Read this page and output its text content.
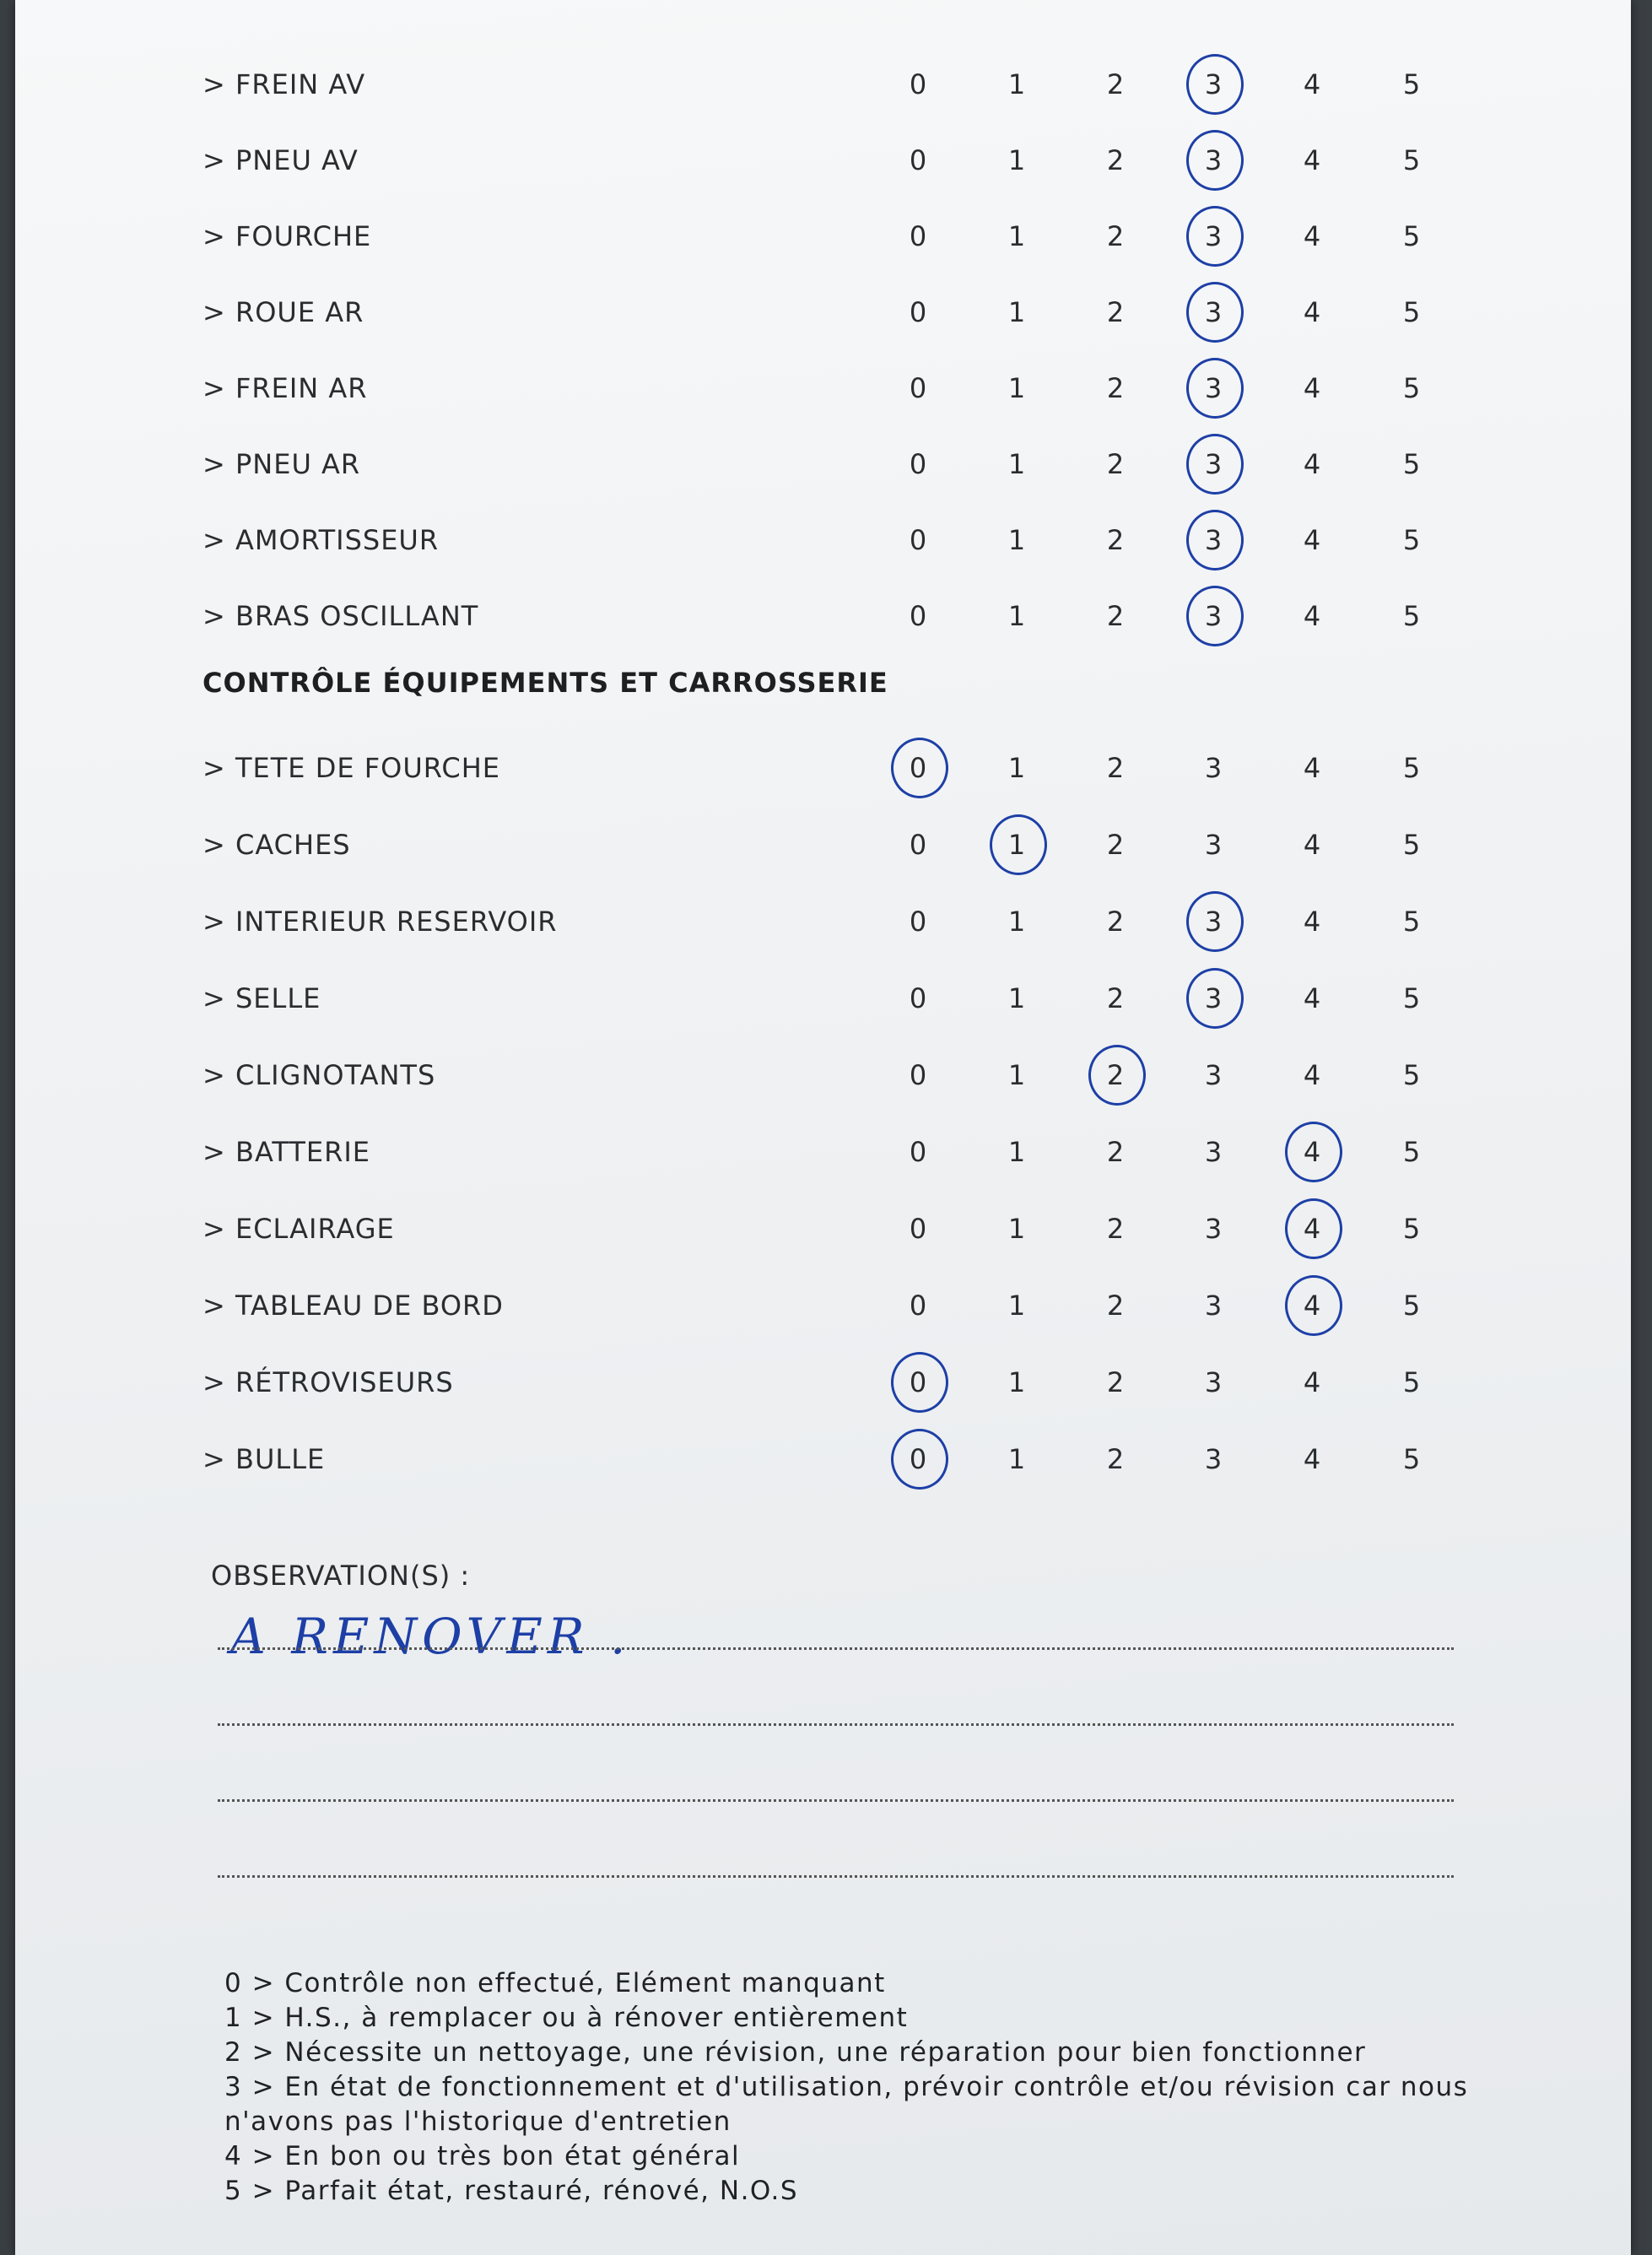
> FREIN AV	0	1	2	3	4	5
> PNEU AV	0	1	2	3	4	5
> FOURCHE	0	1	2	3	4	5
> ROUE AR	0	1	2	3	4	5
> FREIN AR	0	1	2	3	4	5
> PNEU AR	0	1	2	3	4	5
> AMORTISSEUR	0	1	2	3	4	5
> BRAS OSCILLANT	0	1	2	3	4	5
CONTRÔLE ÉQUIPEMENTS ET CARROSSERIE
> TETE DE FOURCHE	0	1	2	3	4	5
> CACHES	0	1	2	3	4	5
> INTERIEUR RESERVOIR	0	1	2	3	4	5
> SELLE	0	1	2	3	4	5
> CLIGNOTANTS	0	1	2	3	4	5
> BATTERIE	0	1	2	3	4	5
> ECLAIRAGE	0	1	2	3	4	5
> TABLEAU DE BORD	0	1	2	3	4	5
> RÉTROVISEURS	0	1	2	3	4	5
> BULLE	0	1	2	3	4	5
OBSERVATION(S) :
A RENOVER .
0 > Contrôle non effectué, Elément manquant
1 > H.S., à remplacer ou à rénover entièrement
2 > Nécessite un nettoyage, une révision, une réparation pour bien fonctionner
3 > En état de fonctionnement et d'utilisation, prévoir contrôle et/ou révision car nous
n'avons pas l'historique d'entretien
4 > En bon ou très bon état général
5 > Parfait état, restauré, rénové, N.O.S
